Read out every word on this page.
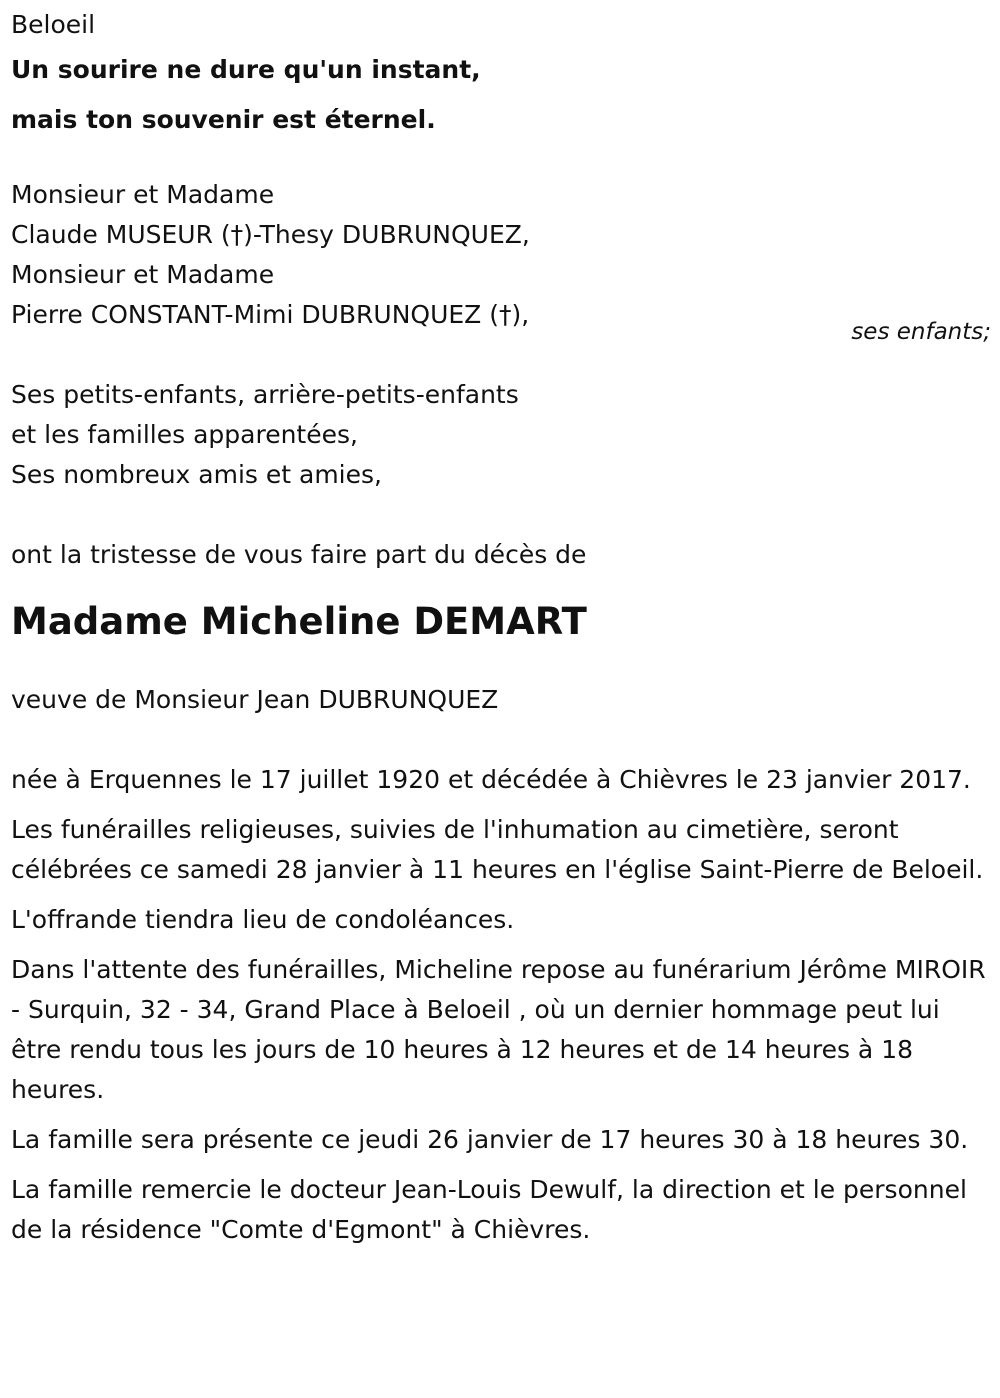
Beloeil

Un sourire ne dure qu'un instant,

mais ton souvenir est éternel.

Monsieur et Madame

Claude MUSEUR (†)-Thesy DUBRUNQUEZ,

Monsieur et Madame

Pierre CONSTANT-Mimi DUBRUNQUEZ (†),

ses enfants;

Ses petits-enfants, arrière-petits-enfants

et les familles apparentées,

Ses nombreux amis et amies,

ont la tristesse de vous faire part du décès de

Madame Micheline DEMART

veuve de Monsieur Jean DUBRUNQUEZ

née à Erquennes le 17 juillet 1920 et décédée à Chièvres le 23 janvier 2017.

Les funérailles religieuses, suivies de l'inhumation au cimetière, seront célébrées ce samedi 28 janvier à 11 heures en l'église Saint-Pierre de Beloeil.

L'offrande tiendra lieu de condoléances.

Dans l'attente des funérailles, Micheline repose au funérarium Jérôme MIROIR - Surquin, 32 - 34, Grand Place à Beloeil , où un dernier hommage peut lui être rendu tous les jours de 10 heures à 12 heures et de 14 heures à 18 heures.

La famille sera présente ce jeudi 26 janvier de 17 heures 30 à 18 heures 30.

La famille remercie le docteur Jean-Louis Dewulf, la direction et le personnel de la résidence "Comte d'Egmont" à Chièvres.
